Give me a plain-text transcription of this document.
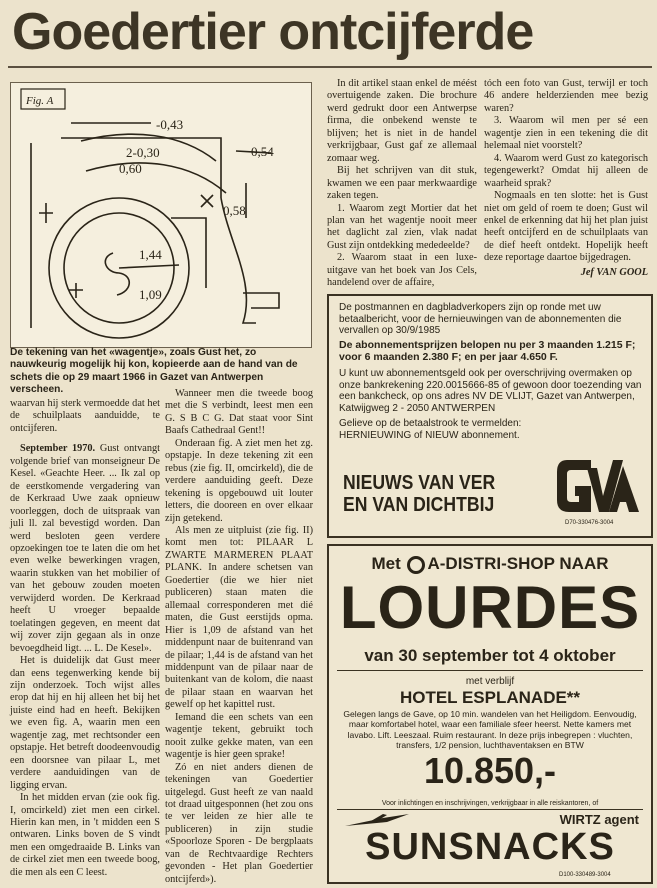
Goedertier ontcijferde
Fig. A
2-0,30
0,60
-0,43
0,54
0,58
1,44
1,09
De tekening van het «wagentje», zoals Gust het, zo nauwkeurig mogelijk hij kon, kopieerde aan de hand van de schets die op 29 maart 1966 in Gazet van Antwerpen verscheen.

waarvan hij sterk vermoedde dat het de schuilplaats aanduidde, te ontcijferen.

September 1970. Gust ontvangt volgende brief van monseigneur De Kesel. «Geachte Heer. ... Ik zal op de eerstkomende vergadering van de Kerkraad Uwe zaak opnieuw voorleggen, doch de uitspraak van juli ll. zal bevestigd worden. Dan werd besloten geen verdere opzoekingen toe te laten die om het even welke bewerkingen vragen, waarin stukken van het mobilier of van het gebouw zouden moeten verwijderd worden. De Kerkraad heeft U vroeger bepaalde toelatingen gegeven, en meent dat wij zover zijn gegaan als in onze bevoegdheid ligt. ... L. De Kesel».

Het is duidelijk dat Gust meer dan eens tegenwerking kende bij zijn onderzoek. Toch wijst alles erop dat hij en hij alleen het bij het juiste eind had en heeft. Bekijken we even fig. A, waarin men een wagentje zag, met rechtsonder een opstapje. Het betreft doodeenvoudig een doorsnee van pilaar L, met verdere aanduidingen van de ligging ervan.

In het midden ervan (zie ook fig. I, omcirkeld) ziet men een cirkel. Hierin kan men, in 't midden een S ontwaren. Links boven de S vindt men een omgedraaide B. Links van de cirkel ziet men een tweede boog, die men als een C leest.

Wanneer men die tweede boog met die S verbindt, leest men een G. S B C G. Dat staat voor Sint Baafs Cathedraal Gent!!

Onderaan fig. A ziet men het zg. opstapje. In deze tekening zit een rebus (zie fig. II, omcirkeld), die de verdere aanduiding geeft. Deze tekening is opgebouwd uit louter letters, die dooreen en over elkaar zijn getekend.

Als men ze uitpluist (zie fig. II) komt men tot: PILAAR L ZWARTE MARMEREN PLAAT PLANK. In andere schetsen van Goedertier (die we hier niet publiceren) staan maten die allemaal corresponderen met dié maten, die Gust eerstijds opma. Hier is 1,09 de afstand van het middenpunt naar de buitenrand van de pilaar; 1,44 is de afstand van het middenpunt van de pilaar naar de buitenkant van de kolom, die naast de pilaar staan en waarvan het gewelf op het kapittel rust.

Iemand die een schets van een wagentje tekent, gebruikt toch nooit zulke gekke maten, van een wagentje is hier geen sprake!

Zó en niet anders dienen de tekeningen van Goedertier uitgelegd. Gust heeft ze van naald tot draad uitgesponnen (het zou ons te ver leiden ze hier alle te publiceren) in zijn studie «Spoorloze Sporen - De bergplaats van de Rechtvaardige Rechters gevonden - Het plan Goedertier ontcijferd»).

In dit artikel staan enkel de méést overtuigende zaken. Die brochure werd gedrukt door een Antwerpse firma, die onbekend wenste te blijven; het is niet in de handel verkrijgbaar, Gust gaf ze allemaal zomaar weg.

Bij het schrijven van dit stuk, kwamen we een paar merkwaardige zaken tegen.

1. Waarom zegt Mortier dat het plan van het wagentje nooit meer het daglicht zal zien, vlak nadat Gust zijn ontdekking mededeelde?

2. Waarom staat in een luxe-uitgave van het boek van Jos Cels, handelend over de affaire,

tóch een foto van Gust, terwijl er toch 46 andere helderzienden mee bezig waren?

3. Waarom wil men per sé een wagentje zien in een tekening die dit helemaal niet voorstelt?

4. Waarom werd Gust zo kategorisch tegengewerkt? Omdat hij alleen de waarheid sprak?

Nogmaals en ten slotte: het is Gust niet om geld of roem te doen; Gust wil enkel de erkenning dat hij het plan juist heeft ontcijferd en de schuilplaats van de dief heeft ontdekt. Hopelijk heeft deze reportage daartoe bijgedragen.

Jef VAN GOOL
De postmannen en dagbladverkopers zijn op ronde met uw betaalbericht, voor de hernieuwingen van de abonnementen die vervallen op 30/9/1985
De abonnementsprijzen belopen nu per 3 maanden 1.215 F; voor 6 maanden 2.380 F; en per jaar 4.650 F.
U kunt uw abonnementsgeld ook per overschrijving overmaken op onze bankrekening 220.0015666-85 of gewoon door toezending van een bankcheck, op ons adres NV DE VLIJT, Gazet van Antwerpen, Katwijgweg 2 - 2050 ANTWERPEN
Gelieve op de betaalstrook te vermelden:
HERNIEUWING of NIEUW abonnement.
NIEUWS VAN VER EN VAN DICHTBIJ
D70-330476-3004
Met A-DISTRI-SHOP NAAR
LOURDES
van 30 september tot 4 oktober
met verblijf
HOTEL ESPLANADE**
Gelegen langs de Gave, op 10 min. wandelen van het Heiligdom. Eenvoudig, maar komfortabel hotel, waar een familiale sfeer heerst. Nette kamers met lavabo. Lift. Leeszaal. Ruim restaurant. In deze prijs inbegrepen : vluchten, transfers, 1/2 pension, luchthaventaksen en BTW
10.850,-
Voor inlichtingen en inschrijvingen, verkrijgbaar in alle reiskantoren, of
WIRTZ agent
SUNSNACKS
D100-330489-3004
